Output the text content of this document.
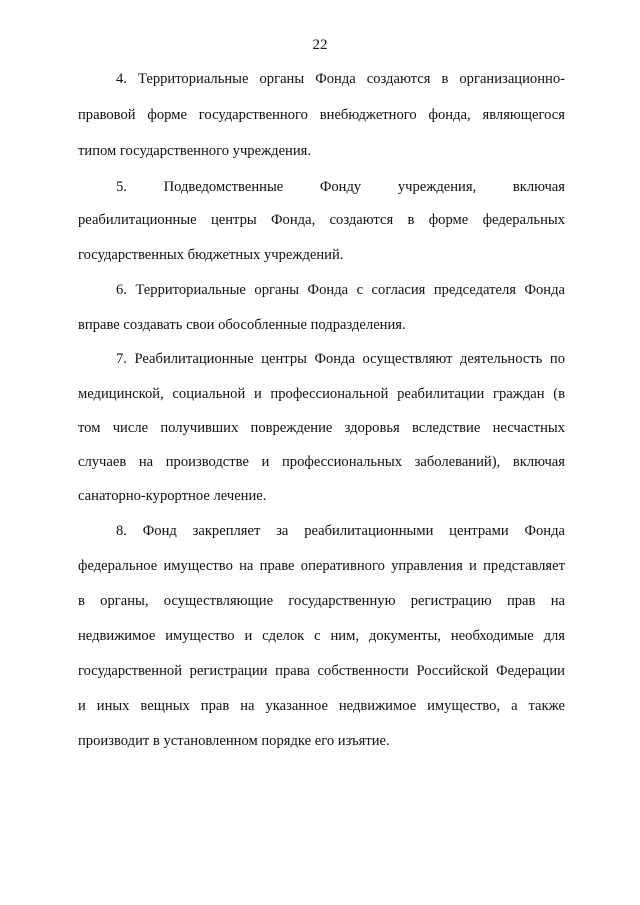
22
4. Территориальные органы Фонда создаются в организационно-
правовой форме государственного внебюджетного фонда, являющегося
типом государственного учреждения.
5. Подведомственные Фонду учреждения, включая
реабилитационные центры Фонда, создаются в форме федеральных
государственных бюджетных учреждений.
6. Территориальные органы Фонда с согласия председателя Фонда
вправе создавать свои обособленные подразделения.
7. Реабилитационные центры Фонда осуществляют деятельность по
медицинской, социальной и профессиональной реабилитации граждан (в
том числе получивших повреждение здоровья вследствие несчастных
случаев на производстве и профессиональных заболеваний), включая
санаторно-курортное лечение.
8. Фонд закрепляет за реабилитационными центрами Фонда
федеральное имущество на праве оперативного управления и представляет
в органы, осуществляющие государственную регистрацию прав на
недвижимое имущество и сделок с ним, документы, необходимые для
государственной регистрации права собственности Российской Федерации
и иных вещных прав на указанное недвижимое имущество, а также
производит в установленном порядке его изъятие.
